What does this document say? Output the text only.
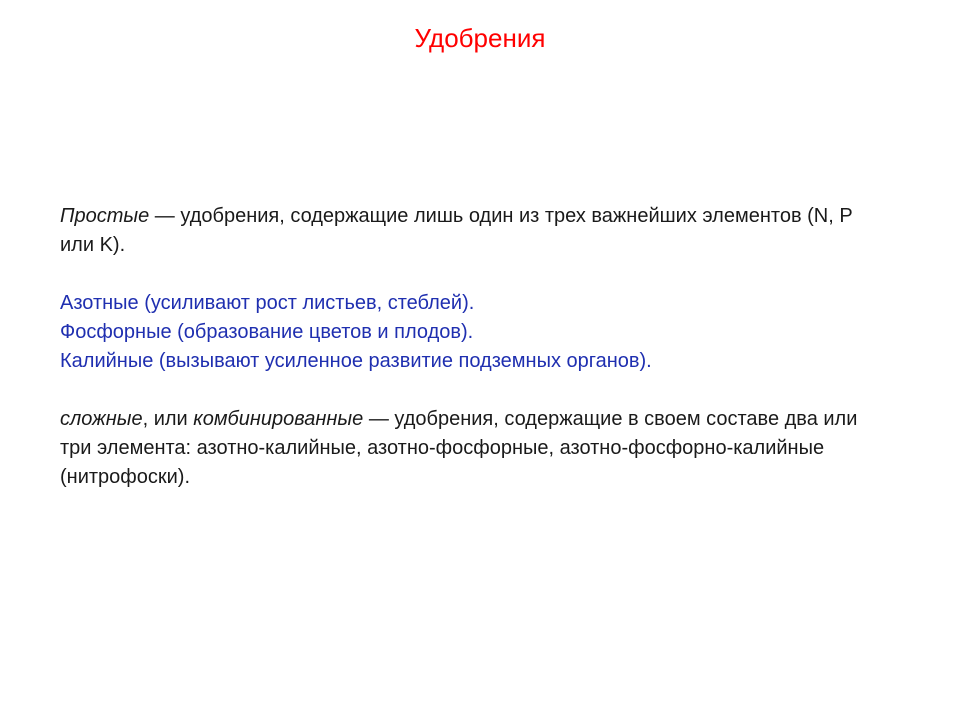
Удобрения

Простые — удобрения, содержащие лишь один из трех важнейших элементов (N, P или K).

Азотные (усиливают рост листьев, стеблей).

Фосфорные (образование цветов и плодов).

Калийные (вызывают усиленное развитие подземных органов).

сложные, или комбинированные — удобрения, содержащие в своем составе два или три элемента: азотно-калийные, азотно-фосфорные, азотно-фосфорно-калийные (нитрофоски).
